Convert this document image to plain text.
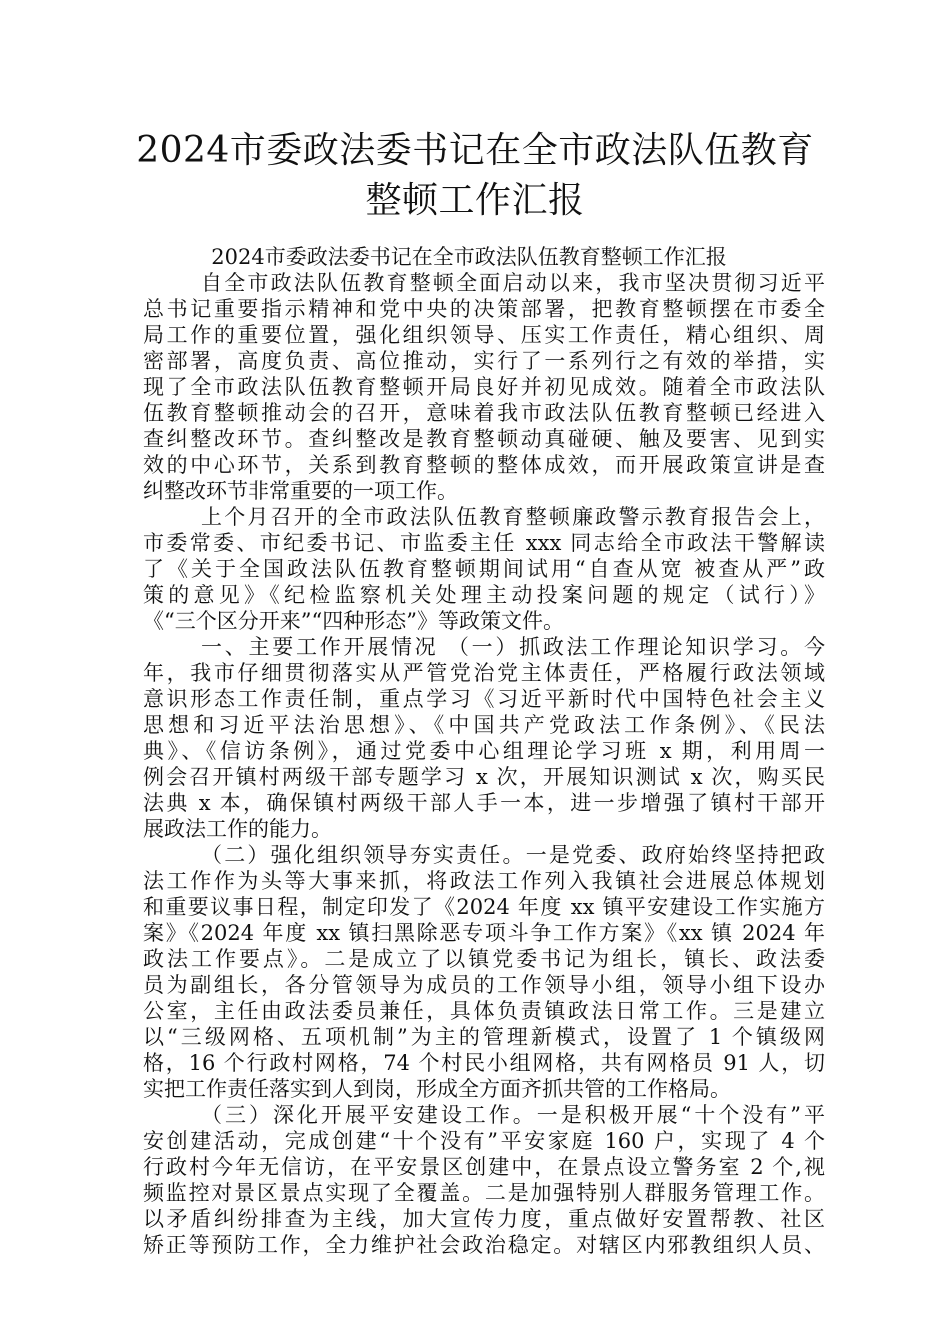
2024市委政法委书记在全市政法队伍教育
整顿工作汇报
2024市委政法委书记在全市政法队伍教育整顿工作汇报
自全市政法队伍教育整顿全面启动以来，我市坚决贯彻习近平
总书记重要指示精神和党中央的决策部署，把教育整顿摆在市委全
局工作的重要位置，强化组织领导、压实工作责任，精心组织、周
密部署，高度负责、高位推动，实行了一系列行之有效的举措，实
现了全市政法队伍教育整顿开局良好并初见成效。随着全市政法队
伍教育整顿推动会的召开，意味着我市政法队伍教育整顿已经进入
查纠整改环节。查纠整改是教育整顿动真碰硬、触及要害、见到实
效的中心环节，关系到教育整顿的整体成效，而开展政策宣讲是查
纠整改环节非常重要的一项工作。
上个月召开的全市政法队伍教育整顿廉政警示教育报告会上，
市委常委、市纪委书记、市监委主任 xxx 同志给全市政法干警解读
了《关于全国政法队伍教育整顿期间试用“自查从宽 被查从严”政
策的意见》《纪检监察机关处理主动投案问题的规定（试行）》
《“三个区分开来”“四种形态”》等政策文件。
一、主要工作开展情况 （一）抓政法工作理论知识学习。今
年，我市仔细贯彻落实从严管党治党主体责任，严格履行政法领域
意识形态工作责任制，重点学习《习近平新时代中国特色社会主义
思想和习近平法治思想》、《中国共产党政法工作条例》、《民法
典》、《信访条例》，通过党委中心组理论学习班 x 期，利用周一
例会召开镇村两级干部专题学习 x 次，开展知识测试 x 次，购买民
法典 x 本，确保镇村两级干部人手一本，进一步增强了镇村干部开
展政法工作的能力。
（二）强化组织领导夯实责任。一是党委、政府始终坚持把政
法工作作为头等大事来抓，将政法工作列入我镇社会进展总体规划
和重要议事日程，制定印发了《2024 年度 xx 镇平安建设工作实施方
案》《2024 年度 xx 镇扫黑除恶专项斗争工作方案》《xx 镇 2024 年
政法工作要点》。二是成立了以镇党委书记为组长，镇长、政法委
员为副组长，各分管领导为成员的工作领导小组，领导小组下设办
公室，主任由政法委员兼任，具体负责镇政法日常工作。三是建立
以“三级网格、五项机制”为主的管理新模式，设置了 1 个镇级网
格，16 个行政村网格，74 个村民小组网格，共有网格员 91 人，切
实把工作责任落实到人到岗，形成全方面齐抓共管的工作格局。
（三）深化开展平安建设工作。一是积极开展“十个没有”平
安创建活动，完成创建“十个没有”平安家庭 160 户，实现了 4 个
行政村今年无信访，在平安景区创建中，在景点设立警务室 2 个,视
频监控对景区景点实现了全覆盖。二是加强特别人群服务管理工作。
以矛盾纠纷排查为主线，加大宣传力度，重点做好安置帮教、社区
矫正等预防工作，全力维护社会政治稳定。对辖区内邪教组织人员、
